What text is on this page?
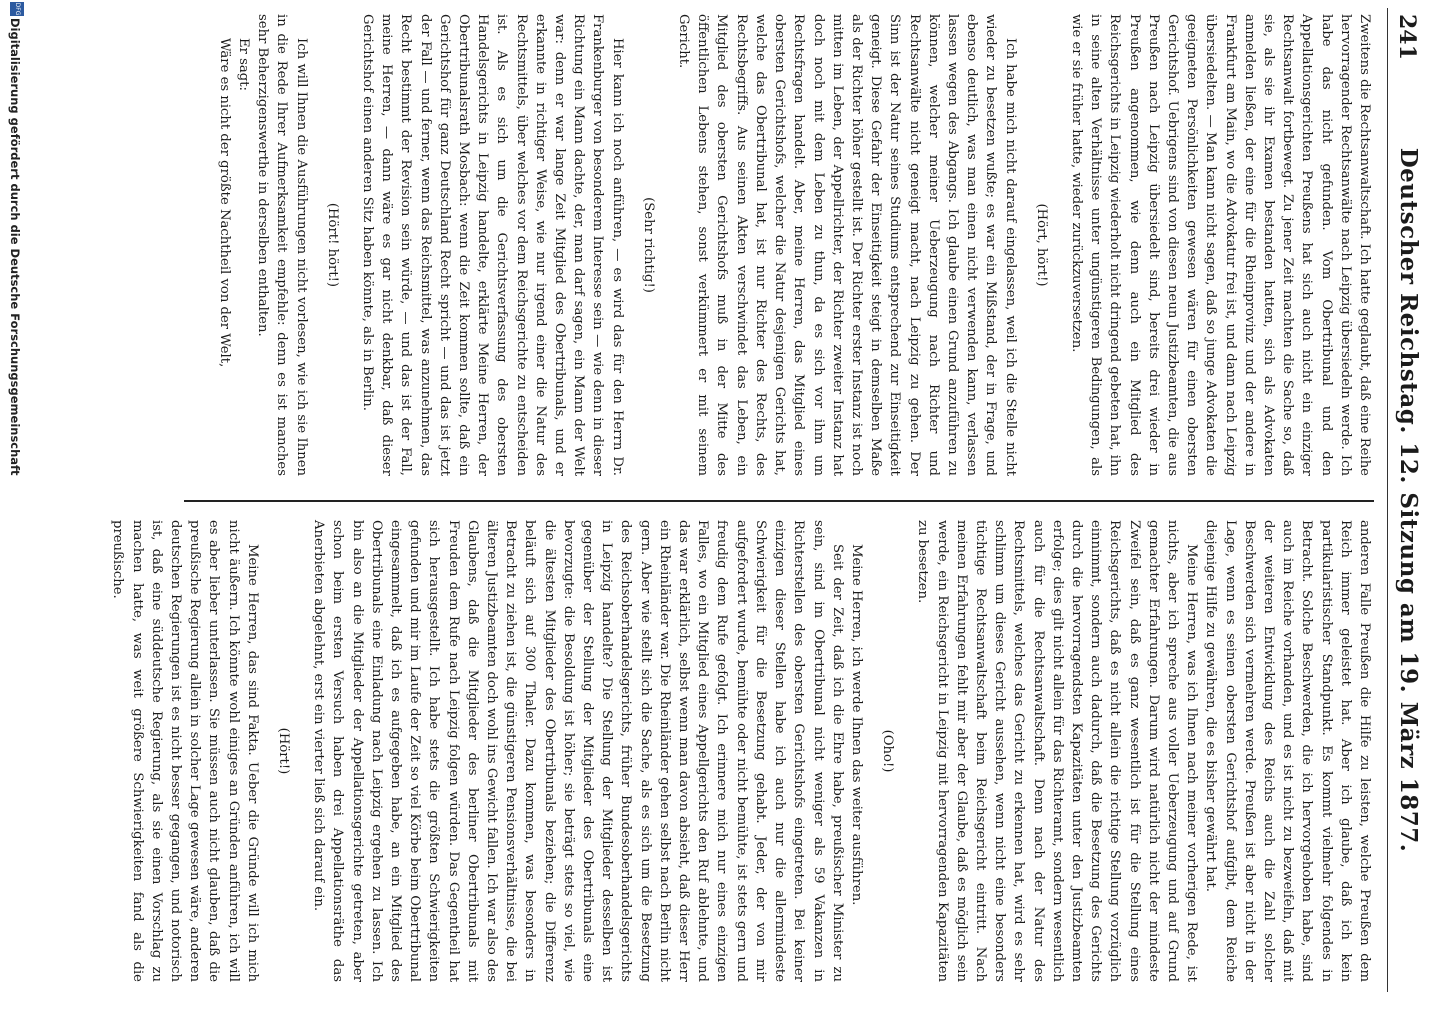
241
Deutscher Reichstag. 12. Sitzung am 19. März 1877.

Zweitens die Rechtsanwaltschaft. Ich hatte geglaubt, daß eine Reihe hervorragender Rechtsanwälte nach Leipzig übersiedeln werde. Ich habe das nicht gefunden. Vom Obertribunal und den Appellationsgerichten Preußens hat sich auch nicht ein einziger Rechtsanwalt fortbewegt. Zu jener Zeit machten die Sache so, daß sie, als sie ihr Examen bestanden hatten, sich als Advokaten anmelden ließen, der eine für die Rheinprovinz und der andere in Frankfurt am Main, wo die Advokatur frei ist, und dann nach Leipzig übersiedelten. — Man kann nicht sagen, daß so junge Advokaten die geeigneten Persönlichkeiten gewesen wären für einen obersten Gerichtshof. Uebrigens sind von diesen neun Justizbeamten, die aus Preußen nach Leipzig übersiedelt sind, bereits drei wieder in Preußen angenommen, wie denn auch ein Mitglied des Reichsgerichts in Leipzig wiederholt nicht dringend gebeten hat, ihn in seine alten Verhältnisse unter ungünstigeren Bedingungen, als wie er sie früher hatte, wieder zurückzuversetzen.

(Hört, hört!)

Ich habe mich nicht darauf eingelassen, weil ich die Stelle nicht wieder zu besetzen wußte; es war ein Mißstand, der in Frage, und ebenso deutlich, was man einen nicht verwenden kann, verlassen lassen wegen des Abgangs. Ich glaube einen Grund anzuführen zu können, welcher meiner Ueberzeugung nach Richter und Rechtsanwälte nicht geneigt macht, nach Leipzig zu gehen. Der Sinn ist der Natur seines Studiums entsprechend zur Einseitigkeit geneigt. Diese Gefahr der Einseitigkeit steigt in demselben Maße als der Richter höher gestellt ist. Der Richter erster Instanz ist noch mitten im Leben, der Appellrichter, der Richter zweiter Instanz hat doch noch mit dem Leben zu thun, da es sich vor ihm um Rechtsfragen handelt. Aber, meine Herren, das Mitglied eines obersten Gerichtshofs, welcher die Natur desjenigen Gerichts hat, welche das Obertribunal hat, ist nur Richter des Rechts, des Rechtsbegriffs. Aus seinen Akten verschwindet das Leben, ein Mitglied des obersten Gerichtshofs muß in der Mitte des öffentlichen Lebens stehen, sonst verkümmert er mit seinem Gericht.

(Sehr richtig!)

Hier kann ich noch anführen, — es wird das für den Herrn Dr. Frankenburger von besonderem Interesse sein — wie denn in dieser Richtung ein Mann dachte, der, man darf sagen, ein Mann der Welt war: denn er war lange Zeit Mitglied des Obertribunals, und er erkannte in richtiger Weise, wie nur irgend einer die Natur des Rechtsmittels, über welches vor dem Reichsgerichte zu entscheiden ist. Als es sich um die Gerichtsverfassung des obersten Handelsgerichts in Leipzig handelte, erklärte Meine Herren, der Obertribunalsrath Mosbach: wenn die Zeit kommen sollte, daß ein Gerichtshof für ganz Deutschland Recht spricht — und das ist jetzt der Fall — und ferner, wenn das Reichsmittel, was anzunehmen, das Recht bestimmt der Revision sein würde, — und das ist der Fall, meine Herren, — dann wäre es gar nicht denkbar, daß dieser Gerichtshof einen anderen Sitz haben könnte, als in Berlin.

(Hört! hört!)

Ich will Ihnen die Ausführungen nicht vorlesen, wie ich sie Ihnen in die Rede Ihrer Aufmerksamkeit empfehle: denn es ist manches sehr Beherzigenswerthe in derselben enthalten.

Er sagt:

Wäre es nicht der größte Nachtheil von der Welt,

anderen Falle Preußen die Hilfe zu leisten, welche Preußen dem Reich immer geleistet hat. Aber ich glaube, daß ich kein partikularistischer Standpunkt. Es kommt vielmehr folgendes in Betracht. Solche Beschwerden, die ich hervorgehoben habe, sind auch im Reiche vorhanden, und es ist nicht zu bezweifeln, daß mit der weiteren Entwicklung des Reichs auch die Zahl solcher Beschwerden sich vermehren werde. Preußen ist aber nicht in der Lage, wenn es seinen obersten Gerichtshof aufgibt, dem Reiche diejenige Hilfe zu gewähren, die es bisher gewährt hat.

Meine Herren, was ich Ihnen nach meiner vorherigen Rede, ist nichts, aber ich spreche aus voller Ueberzeugung und auf Grund gemachter Erfahrungen. Darum wird natürlich nicht der mindeste Zweifel sein, daß es ganz wesentlich ist für die Stellung eines Reichsgerichts, daß es nicht allein die richtige Stellung vorzüglich einnimmt, sondern auch dadurch, daß die Besetzung des Gerichts durch die hervorragendsten Kapazitäten unter den Justizbeamten erfolge; dies gilt nicht allein für das Richteramt, sondern wesentlich auch für die Rechtsanwaltschaft. Denn nach der Natur des Rechtsmittels, welches das Gericht zu erkennen hat, wird es sehr schlimm um dieses Gericht aussehen, wenn nicht eine besonders tüchtige Rechtsanwaltschaft beim Reichsgericht eintritt. Nach meinen Erfahrungen fehlt mir aber der Glaube, daß es möglich sein werde, ein Reichsgericht in Leipzig mit hervorragenden Kapazitäten zu besetzen.

(Oho!)

Meine Herren, ich werde Ihnen das weiter ausführen.

Seit der Zeit, daß ich die Ehre habe, preußischer Minister zu sein, sind im Obertribunal nicht weniger als 59 Vakanzen in Richterstellen des obersten Gerichtshofs eingetreten. Bei keiner einzigen dieser Stellen habe ich auch nur die allermindeste Schwierigkeit für die Besetzung gehabt. Jeder, der von mir aufgefordert wurde, bemühte oder nicht bemühte, ist stets gern und freudig dem Rufe gefolgt. Ich erinnere mich nur eines einzigen Falles, wo ein Mitglied eines Appellgerichts den Ruf ablehnte, und das war erklärlich, selbst wenn man davon absieht, daß dieser Herr ein Rheinländer war. Die Rheinländer gehen selbst nach Berlin nicht gern. Aber wie stellt sich die Sache, als es sich um die Besetzung des Reichsoberhandelsgerichts, früher Bundesoberhandelsgerichts in Leipzig handelte? Die Stellung der Mitglieder desselben ist gegenüber der Stellung der Mitglieder des Obertribunals eine bevorzugte: die Besoldung ist höher; sie beträgt stets so viel, wie die ältesten Mitglieder des Obertribunals beziehen; die Differenz beläuft sich auf 300 Thaler. Dazu kommen, was besonders in Betracht zu ziehen ist, die günstigeren Pensionsverhältnisse, die bei älteren Justizbeamten doch wohl ins Gewicht fallen. Ich war also des Glaubens, daß die Mitglieder des berliner Obertribunals mit Freuden dem Rufe nach Leipzig folgen würden. Das Gegentheil hat sich herausgestellt. Ich habe stets die größten Schwierigkeiten gefunden und mir im Laufe der Zeit so viel Körbe beim Obertribunal eingesammelt, daß ich es aufgegeben habe, an ein Mitglied des Obertribunals eine Einladung nach Leipzig ergehen zu lassen. Ich bin also an die Mitglieder der Appellationsgerichte getreten, aber schon beim ersten Versuch haben drei Appellationsräthe das Anerbieten abgelehnt, erst ein vierter ließ sich darauf ein.

(Hört!)

Meine Herren, das sind Fakta. Ueber die Gründe will ich mich nicht äußern. Ich könnte wohl einiges an Gründen anführen, ich will es aber lieber unterlassen. Sie müssen auch nicht glauben, daß die preußische Regierung allein in solcher Lage gewesen wäre, anderen deutschen Regierungen ist es nicht besser gegangen, und notorisch ist, daß eine süddeutsche Regierung, als sie einen Vorschlag zu machen hatte, was weit größere Schwierigkeiten fand als die preußische.

DFG
Digitalisierung gefördert durch die Deutsche Forschungsgemeinschaft
